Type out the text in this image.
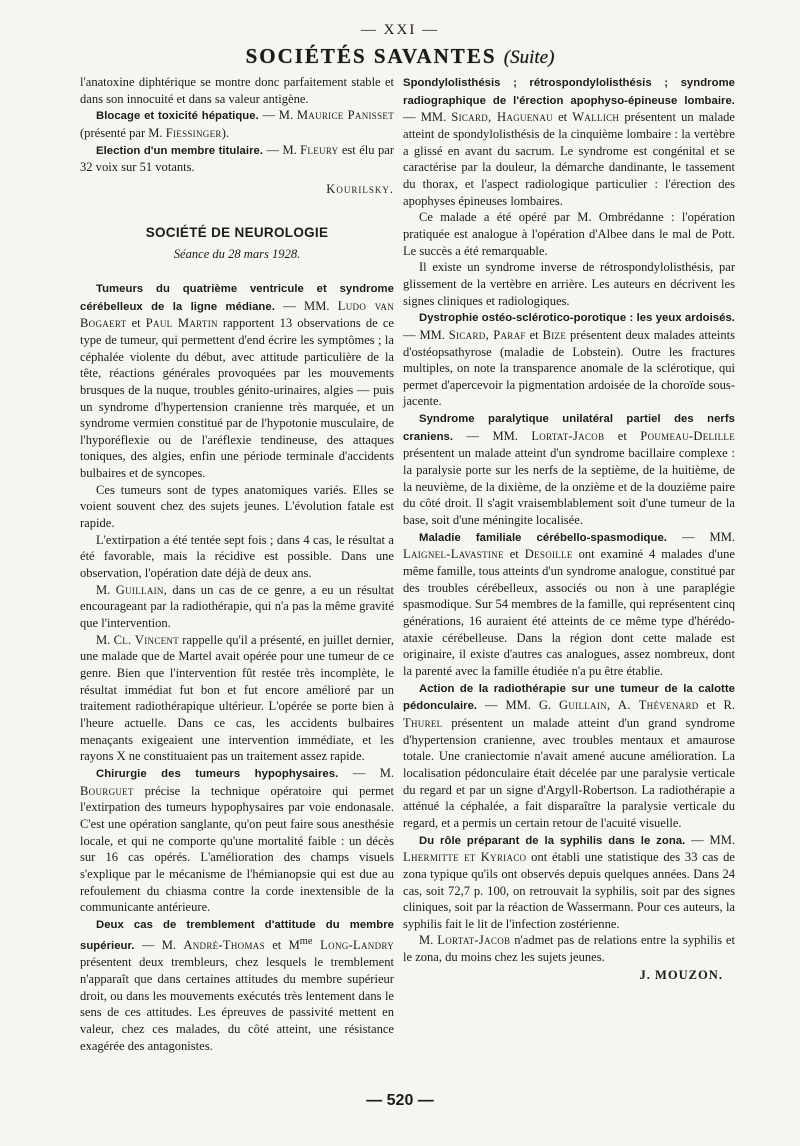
— XXI —
SOCIÉTÉS SAVANTES (Suite)

l'anatoxine diphtérique se montre donc parfaitement stable et dans son innocuité et dans sa valeur antigène.

Blocage et toxicité hépatique. — M. Maurice Panisset (présenté par M. Fiessinger).

Election d'un membre titulaire. — M. Fleury est élu par 32 voix sur 51 votants.

Kourilsky.

SOCIÉTÉ DE NEUROLOGIE

Séance du 28 mars 1928.

Tumeurs du quatrième ventricule et syndrome cérébelleux de la ligne médiane. — MM. Ludo van Bogaert et Paul Martin rapportent 13 observations de ce type de tumeur, qui permettent d'end écrire les symptômes ; la céphalée violente du début, avec attitude particulière de la tête, réactions générales provoquées par les mouvements brusques de la nuque, troubles génito-urinaires, algies — puis un syndrome d'hypertension cranienne très marquée, et un syndrome vermien constitué par de l'hypotonie musculaire, de l'hyporéflexie ou de l'aréflexie tendineuse, des attaques toniques, des algies, enfin une période terminale d'accidents bulbaires et de syncopes.

Ces tumeurs sont de types anatomiques variés. Elles se voient souvent chez des sujets jeunes. L'évolution fatale est rapide.

L'extirpation a été tentée sept fois ; dans 4 cas, le résultat a été favorable, mais la récidive est possible. Dans une observation, l'opération date déjà de deux ans.

M. Guillain, dans un cas de ce genre, a eu un résultat encourageant par la radiothérapie, qui n'a pas la même gravité que l'intervention.

M. Cl. Vincent rappelle qu'il a présenté, en juillet dernier, une malade que de Martel avait opérée pour une tumeur de ce genre. Bien que l'intervention fût restée très incomplète, le résultat immédiat fut bon et fut encore amélioré par un traitement radiothérapique ultérieur. L'opérée se porte bien à l'heure actuelle. Dans ce cas, les accidents bulbaires menaçants exigeaient une intervention immédiate, et les rayons X ne constituaient pas un traitement assez rapide.

Chirurgie des tumeurs hypophysaires. — M. Bourguet précise la technique opératoire qui permet l'extirpation des tumeurs hypophysaires par voie endonasale. C'est une opération sanglante, qu'on peut faire sous anesthésie locale, et qui ne comporte qu'une mortalité faible : un décès sur 16 cas opérés. L'amélioration des champs visuels s'explique par le mécanisme de l'hémianopsie qui est due au refoulement du chiasma contre la corde inextensible de la communicante antérieure.

Deux cas de tremblement d'attitude du membre supérieur. — M. André-Thomas et $M^{me}$ Long-Landry présentent deux trembleurs, chez lesquels le tremblement n'apparaît que dans certaines attitudes du membre supérieur droit, ou dans les mouvements exécutés très lentement dans le sens de ces attitudes. Les épreuves de passivité mettent en valeur, chez ces malades, du côté atteint, une résistance exagérée des antagonistes.

Spondylolisthésis ; rétrospondylolisthésis ; syndrome radiographique de l'érection apophyso-épineuse lombaire. — MM. Sicard, Haguenau et Wallich présentent un malade atteint de spondylolisthésis de la cinquième lombaire : la vertèbre a glissé en avant du sacrum. Le syndrome est congénital et se caractérise par la douleur, la démarche dandinante, le tassement du thorax, et l'aspect radiologique particulier : l'érection des apophyses épineuses lombaires.

Ce malade a été opéré par M. Ombrédanne : l'opération pratiquée est analogue à l'opération d'Albee dans le mal de Pott. Le succès a été remarquable.

Il existe un syndrome inverse de rétrospondylolisthésis, par glissement de la vertèbre en arrière. Les auteurs en décrivent les signes cliniques et radiologiques.

Dystrophie ostéo-sclérotico-porotique : les yeux ardoisés. — MM. Sicard, Paraf et Bize présentent deux malades atteints d'ostéopsathyrose (maladie de Lobstein). Outre les fractures multiples, on note la transparence anomale de la sclérotique, qui permet d'apercevoir la pigmentation ardoisée de la choroïde sous-jacente.

Syndrome paralytique unilatéral partiel des nerfs craniens. — MM. Lortat-Jacob et Poumeau-Delille présentent un malade atteint d'un syndrome bacillaire complexe : la paralysie porte sur les nerfs de la septième, de la huitième, de la neuvième, de la dixième, de la onzième et de la douzième paire du côté droit. Il s'agit vraisemblablement soit d'une tumeur de la base, soit d'une méningite localisée.

Maladie familiale cérébello-spasmodique. — MM. Laignel-Lavastine et Desoille ont examiné 4 malades d'une même famille, tous atteints d'un syndrome analogue, constitué par des troubles cérébelleux, associés ou non à une paraplégie spasmodique. Sur 54 membres de la famille, qui représentent cinq générations, 16 auraient été atteints de ce même type d'hérédo-ataxie cérébelleuse. Dans la région dont cette malade est originaire, il existe d'autres cas analogues, assez nombreux, dont la parenté avec la famille étudiée n'a pu être établie.

Action de la radiothérapie sur une tumeur de la calotte pédonculaire. — MM. G. Guillain, A. Thévenard et R. Thurel présentent un malade atteint d'un grand syndrome d'hypertension cranienne, avec troubles mentaux et amaurose totale. Une craniectomie n'avait amené aucune amélioration. La localisation pédonculaire était décelée par une paralysie verticale du regard et par un signe d'Argyll-Robertson. La radiothérapie a atténué la céphalée, a fait disparaître la paralysie verticale du regard, et a permis un certain retour de l'acuité visuelle.

Du rôle préparant de la syphilis dans le zona. — MM. Lhermitte et Kyriaco ont établi une statistique des 33 cas de zona typique qu'ils ont observés depuis quelques années. Dans 24 cas, soit 72,7 p. 100, on retrouvait la syphilis, soit par des signes cliniques, soit par la réaction de Wassermann. Pour ces auteurs, la syphilis fait le lit de l'infection zostérienne.

M. Lortat-Jacob n'admet pas de relations entre la syphilis et le zona, du moins chez les sujets jeunes.

J. MOUZON.

— 520 —
